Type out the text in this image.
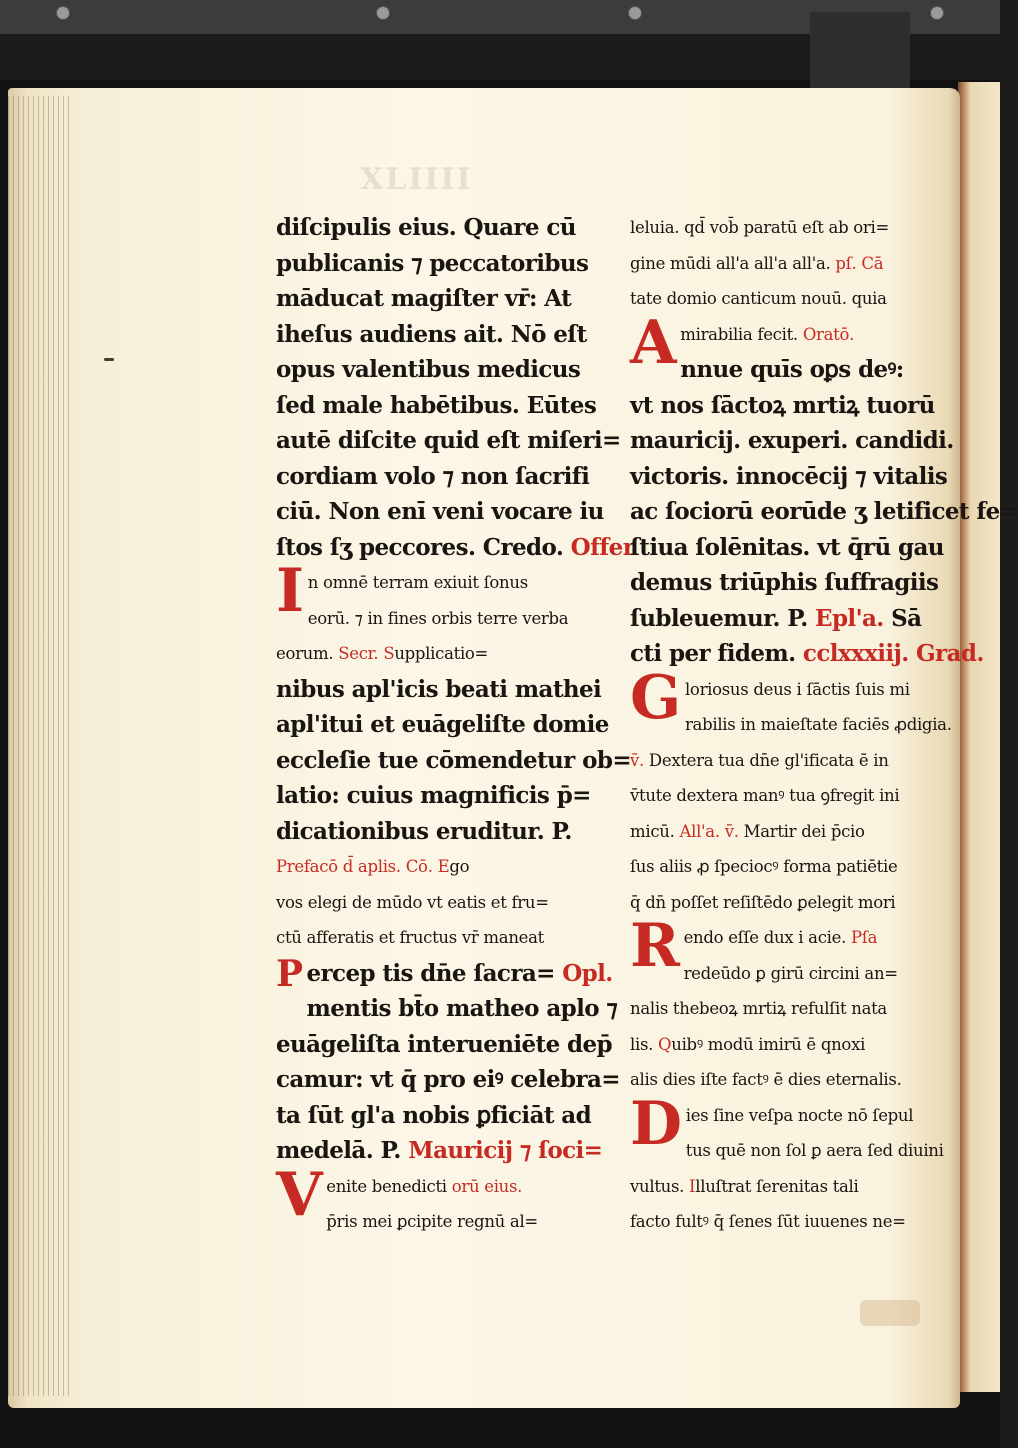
XLIIII
diſcipulis eius. Quare cū
publicanis ⁊ peccatoribus
mādu‍cat magiſter vr̄: At
iheſus audiens ait. Nō eſt
opus valentibus medicus
ſed male habētibus. Eūtes
autē diſcite quid eſt miſeri=
cordiam volo ⁊ non ſacrifi
ciū. Non enī veni vocare iu
ſtos ſʒ peccores. Credo. Offer
In omnē terram exiuit ſonus
eorū. ⁊ in fines orbis terre verba
eorum. Secr. Supplicatio=
nibus apl'icis beati mathei
apl'itui et euāgeliſte domie
eccleſie tue cōmendetur ob=
latio: cuius magnificis p̄=
dicationibus eruditur. P.
Prefacō d̄ aplis. Cō. Ego
vos elegi de mūdo vt eatis et fru=
ctū afferatis et fructus vr̄ maneat
Percep tis dn̄e ſacra= Opl.
mentis bt̄o matheo aplo ⁊
euāgeliſta interueniēte dep̄
camur: vt q̄ pro eiꝰ celebra=
ta ſūt gl'a nobis ꝑficiāt ad
medelā. P. Mauricij ⁊ ſoci=
Venite benedicti orū eius.
p̄ris mei ꝑcipite regnū al=
leluia. qd̄ vob̄ paratū eſt ab ori=
gine mūdi all'a all'a all'a. pſ. Cā
tate domio canticum nouū. quia
Amirabilia fecit. Oratō.
nnue quīs oꝑs deꝰ:
vt nos ſāctoꝝ mrtiꝝ tuorū
mauricij. exuperi. candidi.
victoris. innocēcij ⁊ vitalis
ac ſociorū eorūde ʒ letificet fe=
ſtiua ſolēnitas. vt q̄rū gau
demus triūphis ſuffragiis
ſubleuemur. P. Epl'a. Sā
cti per fidem. cclxxxiij. Grad.
Gloriosus deus i ſāctis ſuis mi
rabilis in maieſtate faciēs ꝓdigia.
v̄. Dextera tua dn̄e gl'ificata ē in
v̄tute dextera manꝰ tua ꝯfregit ini
micū. All'a. v̄. Martir dei p̄cio
ſus aliis ꝓ ſpeciocꝰ forma patiētie
q̄ dn̄ poſſet reſiſtēdo ꝑelegit mori
Rendo eſſe dux i acie. Pſa
redeūdo ꝑ girū circini an=
nalis thebeoꝝ mrtiꝝ refulſit nata
lis. Quibꝰ modū imirū ē qnoxi
alis dies iſte factꝰ ē dies eternalis.
Dies ſine veſpa nocte nō ſepul
tus quē non ſol ꝑ aera ſed diuini
vultus. Illuſtrat ſerenitas tali
facto fultꝰ q̄ ſenes ſūt iuuenes ne=
